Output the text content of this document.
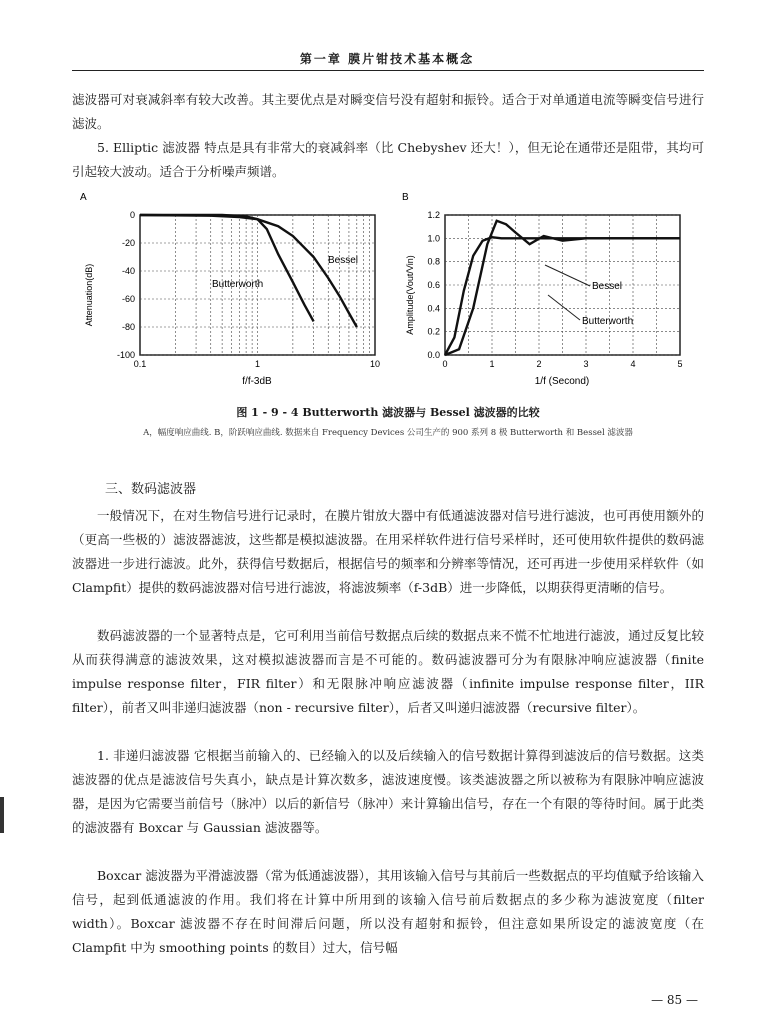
第一章 膜片钳技术基本概念

滤波器可对衰减斜率有较大改善。其主要优点是对瞬变信号没有超射和振铃。适合于对单通道电流等瞬变信号进行滤波。

5. Elliptic 滤波器 特点是具有非常大的衰减斜率（比 Chebyshev 还大！），但无论在通带还是阻带，其均可引起较大波动。适合于分析噪声频谱。

A
0.1	1	10
0
-20
-40
-60
-80
-100
Attenuation(dB)
f/f-3dB
Bessel
Butterworth
B
0	1	2	3	4	5
0.0
0.2
0.4
0.6
0.8
1.0
1.2
Amplitude(Vout/Vin)
1/f (Second)
Bessel
Butterworth
图 1 - 9 - 4 Butterworth 滤波器与 Bessel 滤波器的比较
A，幅度响应曲线. B，阶跃响应曲线. 数据来自 Frequency Devices 公司生产的 900 系列 8 极 Butterworth 和 Bessel 滤波器
三、数码滤波器

一般情况下，在对生物信号进行记录时，在膜片钳放大器中有低通滤波器对信号进行滤波，也可再使用额外的（更高一些极的）滤波器滤波，这些都是模拟滤波器。在用采样软件进行信号采样时，还可使用软件提供的数码滤波器进一步进行滤波。此外，获得信号数据后，根据信号的频率和分辨率等情况，还可再进一步使用采样软件（如 Clampfit）提供的数码滤波器对信号进行滤波，将滤波频率（f-3dB）进一步降低，以期获得更清晰的信号。

数码滤波器的一个显著特点是，它可利用当前信号数据点后续的数据点来不慌不忙地进行滤波，通过反复比较从而获得满意的滤波效果，这对模拟滤波器而言是不可能的。数码滤波器可分为有限脉冲响应滤波器（finite impulse response filter，FIR filter）和无限脉冲响应滤波器（infinite impulse response filter，IIR filter），前者又叫非递归滤波器（non - recursive filter），后者又叫递归滤波器（recursive filter）。

1. 非递归滤波器 它根据当前输入的、已经输入的以及后续输入的信号数据计算得到滤波后的信号数据。这类滤波器的优点是滤波信号失真小，缺点是计算次数多，滤波速度慢。该类滤波器之所以被称为有限脉冲响应滤波器，是因为它需要当前信号（脉冲）以后的新信号（脉冲）来计算输出信号，存在一个有限的等待时间。属于此类的滤波器有 Boxcar 与 Gaussian 滤波器等。

Boxcar 滤波器为平滑滤波器（常为低通滤波器），其用该输入信号与其前后一些数据点的平均值赋予给该输入信号，起到低通滤波的作用。我们将在计算中所用到的该输入信号前后数据点的多少称为滤波宽度（filter width）。Boxcar 滤波器不存在时间滞后问题，所以没有超射和振铃，但注意如果所设定的滤波宽度（在 Clampfit 中为 smoothing points 的数目）过大，信号幅

— 85 —
